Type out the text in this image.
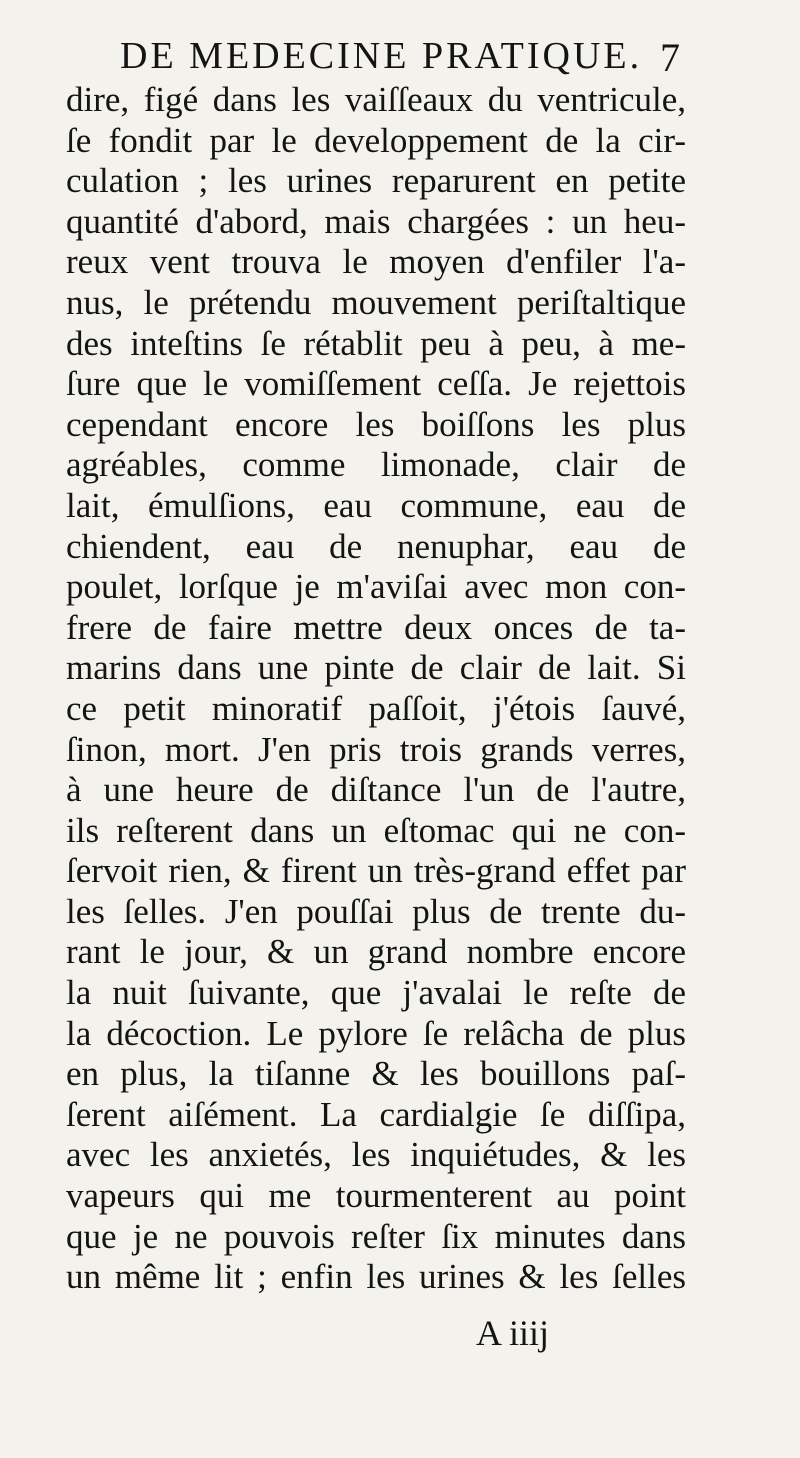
DE MEDECINE PRATIQUE. 7
dire, figé dans les vaiſſeaux du ventricule,
ſe fondit par le developpement de la cir-
culation ; les urines reparurent en petite
quantité d'abord, mais chargées : un heu-
reux vent trouva le moyen d'enfiler l'a-
nus, le prétendu mouvement periſtaltique
des inteſtins ſe rétablit peu à peu, à me-
ſure que le vomiſſement ceſſa. Je rejettois
cependant encore les boiſſons les plus
agréables, comme limonade, clair de
lait, émulſions, eau commune, eau de
chiendent, eau de nenuphar, eau de
poulet, lorſque je m'aviſai avec mon con-
frere de faire mettre deux onces de ta-
marins dans une pinte de clair de lait. Si
ce petit minoratif paſſoit, j'étois ſauvé,
ſinon, mort. J'en pris trois grands verres,
à une heure de diſtance l'un de l'autre,
ils reſterent dans un eſtomac qui ne con-
ſervoit rien, & firent un très-grand effet par
les ſelles. J'en pouſſai plus de trente du-
rant le jour, & un grand nombre encore
la nuit ſuivante, que j'avalai le reſte de
la décoction. Le pylore ſe relâcha de plus
en plus, la tiſanne & les bouillons paſ-
ſerent aiſément. La cardialgie ſe diſſipa,
avec les anxietés, les inquiétudes, & les
vapeurs qui me tourmenterent au point
que je ne pouvois reſter ſix minutes dans
un même lit ; enfin les urines & les ſelles
A iiij
